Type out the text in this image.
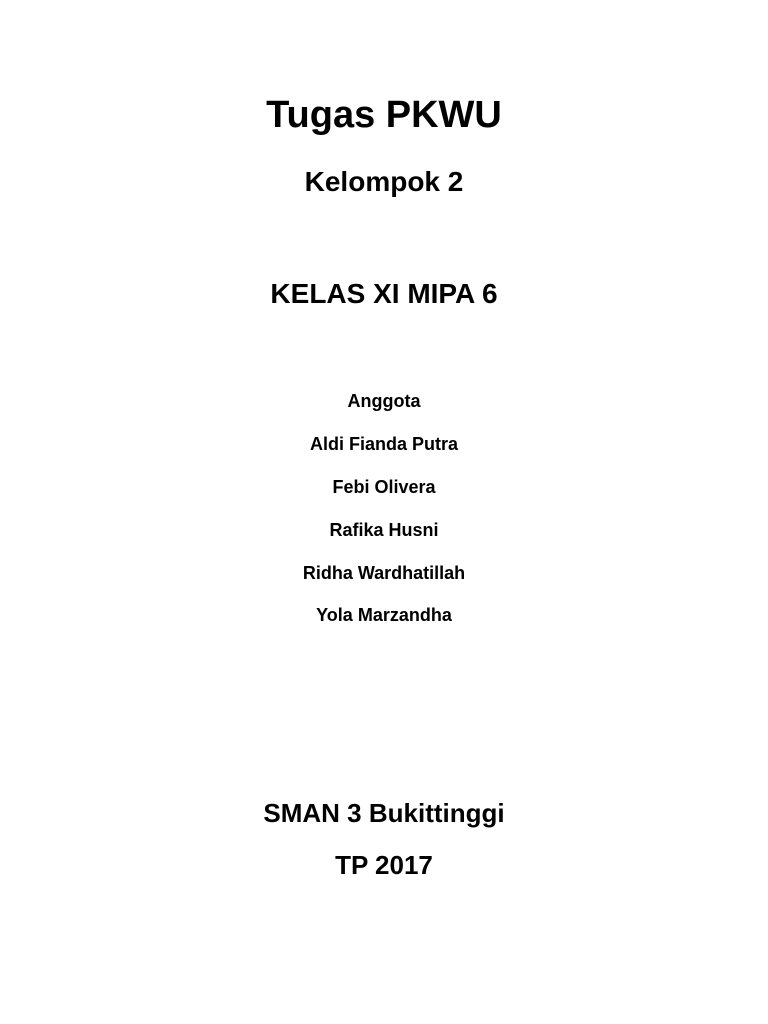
Tugas PKWU
Kelompok 2
KELAS XI MIPA 6
Anggota
Aldi Fianda Putra
Febi Olivera
Rafika Husni
Ridha Wardhatillah
Yola Marzandha
SMAN 3 Bukittinggi
TP 2017
